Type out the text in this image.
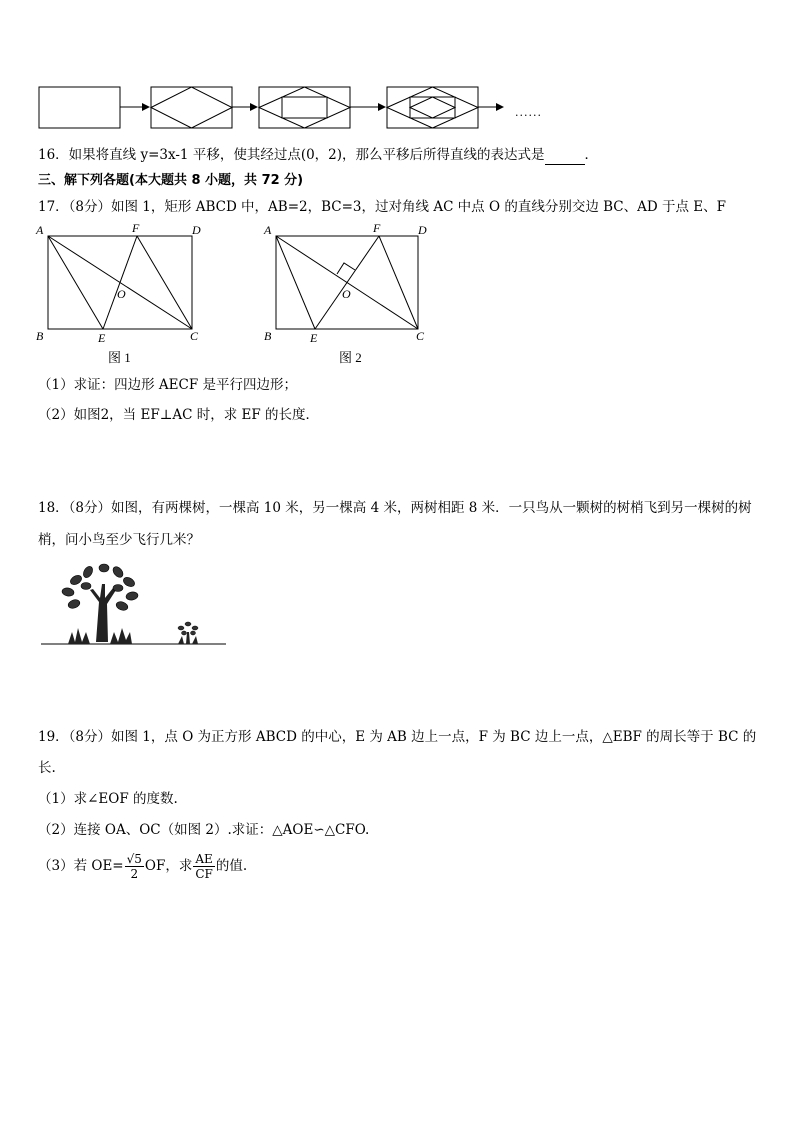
......
16．如果将直线 y=3x-1 平移，使其经过点(0，2)，那么平移后所得直线的表达式是	．
三、解下列各题(本大题共 8 小题，共 72 分)
17．（8分）如图 1，矩形 ABCD 中，AB=2，BC=3，过对角线 AC 中点 O 的直线分别交边 BC、AD 于点 E、F
A	F	D
O
B	E	C
图 1
A	F	D
O
B	E	C
图 2
（1）求证：四边形 AECF 是平行四边形；
（2）如图2，当 EF⊥AC 时，求 EF 的长度．
18．（8分）如图，有两棵树，一棵高 10 米，另一棵高 4 米，两树相距 8 米．一只鸟从一颗树的树梢飞到另一棵树的树
梢，问小鸟至少飞行几米？
19．（8分）如图 1，点 O 为正方形 ABCD 的中心，E 为 AB 边上一点，F 为 BC 边上一点，△EBF 的周长等于 BC 的
长.
（1）求∠EOF 的度数.
（2）连接 OA、OC（如图 2）.求证：△AOE∽△CFO.
（3）若 $OE= \frac{√5}{2}$ OF，求 $\frac{AE}{CF}$ 的值.
